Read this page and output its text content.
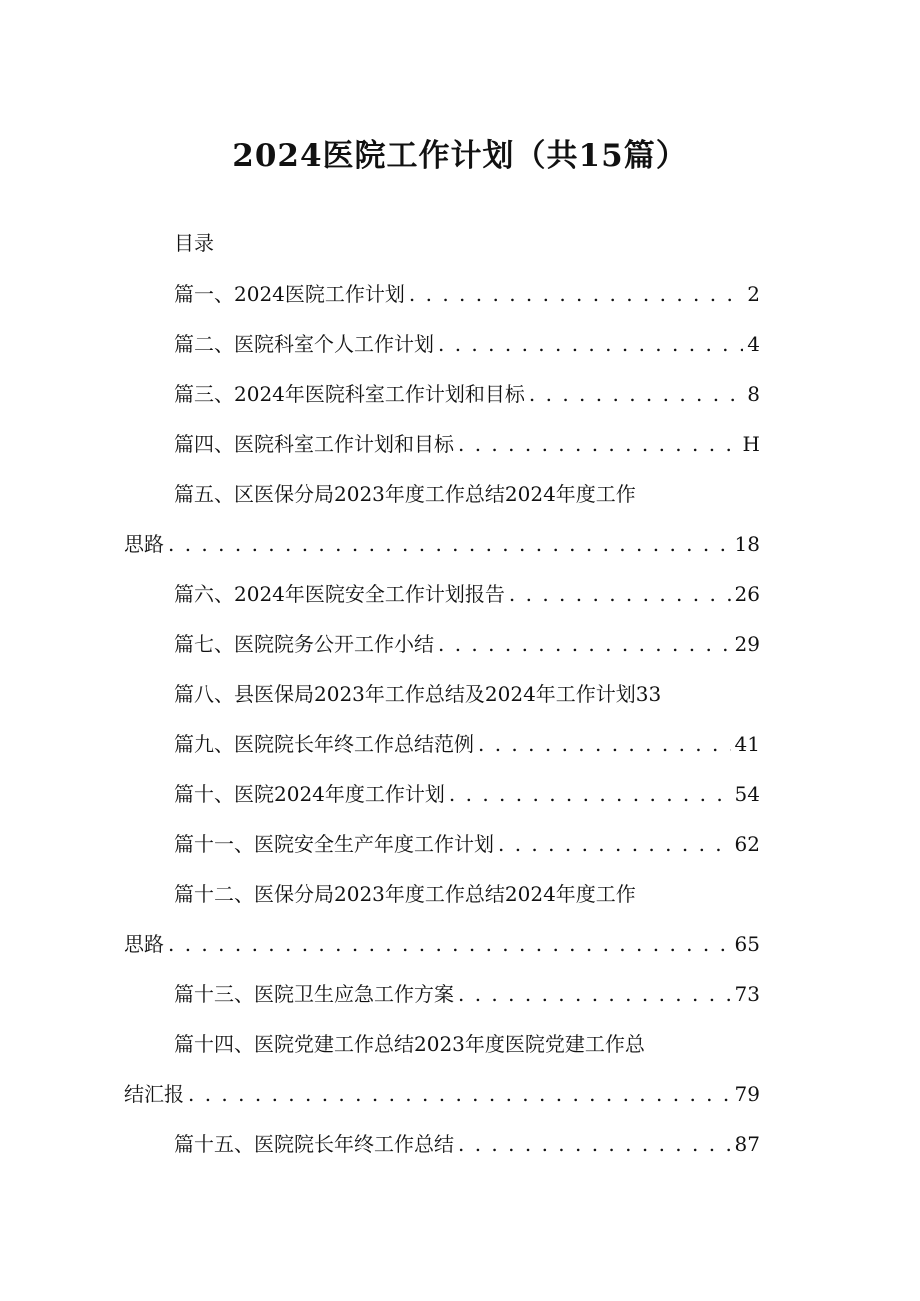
2024医院工作计划（共15篇）
目录
篇一、2024医院工作计划 . . .	2
篇二、医院科室个人工作计划 . . .	4
篇三、2024年医院科室工作计划和目标 . . .	8
篇四、医院科室工作计划和目标 . . .	H
篇五、区医保分局2023年度工作总结2024年度工作
思路 . . .	18
篇六、2024年医院安全工作计划报告 . . .	26
篇七、医院院务公开工作小结 . . .	29
篇八、县医保局2023年工作总结及2024年工作计划33
篇九、医院院长年终工作总结范例 . . .	41
篇十、医院2024年度工作计划 . . .	54
篇十一、医院安全生产年度工作计划 . . .	62
篇十二、医保分局2023年度工作总结2024年度工作
思路 . . .	65
篇十三、医院卫生应急工作方案 . . .	73
篇十四、医院党建工作总结2023年度医院党建工作总
结汇报 . . .	79
篇十五、医院院长年终工作总结 . . .	87
